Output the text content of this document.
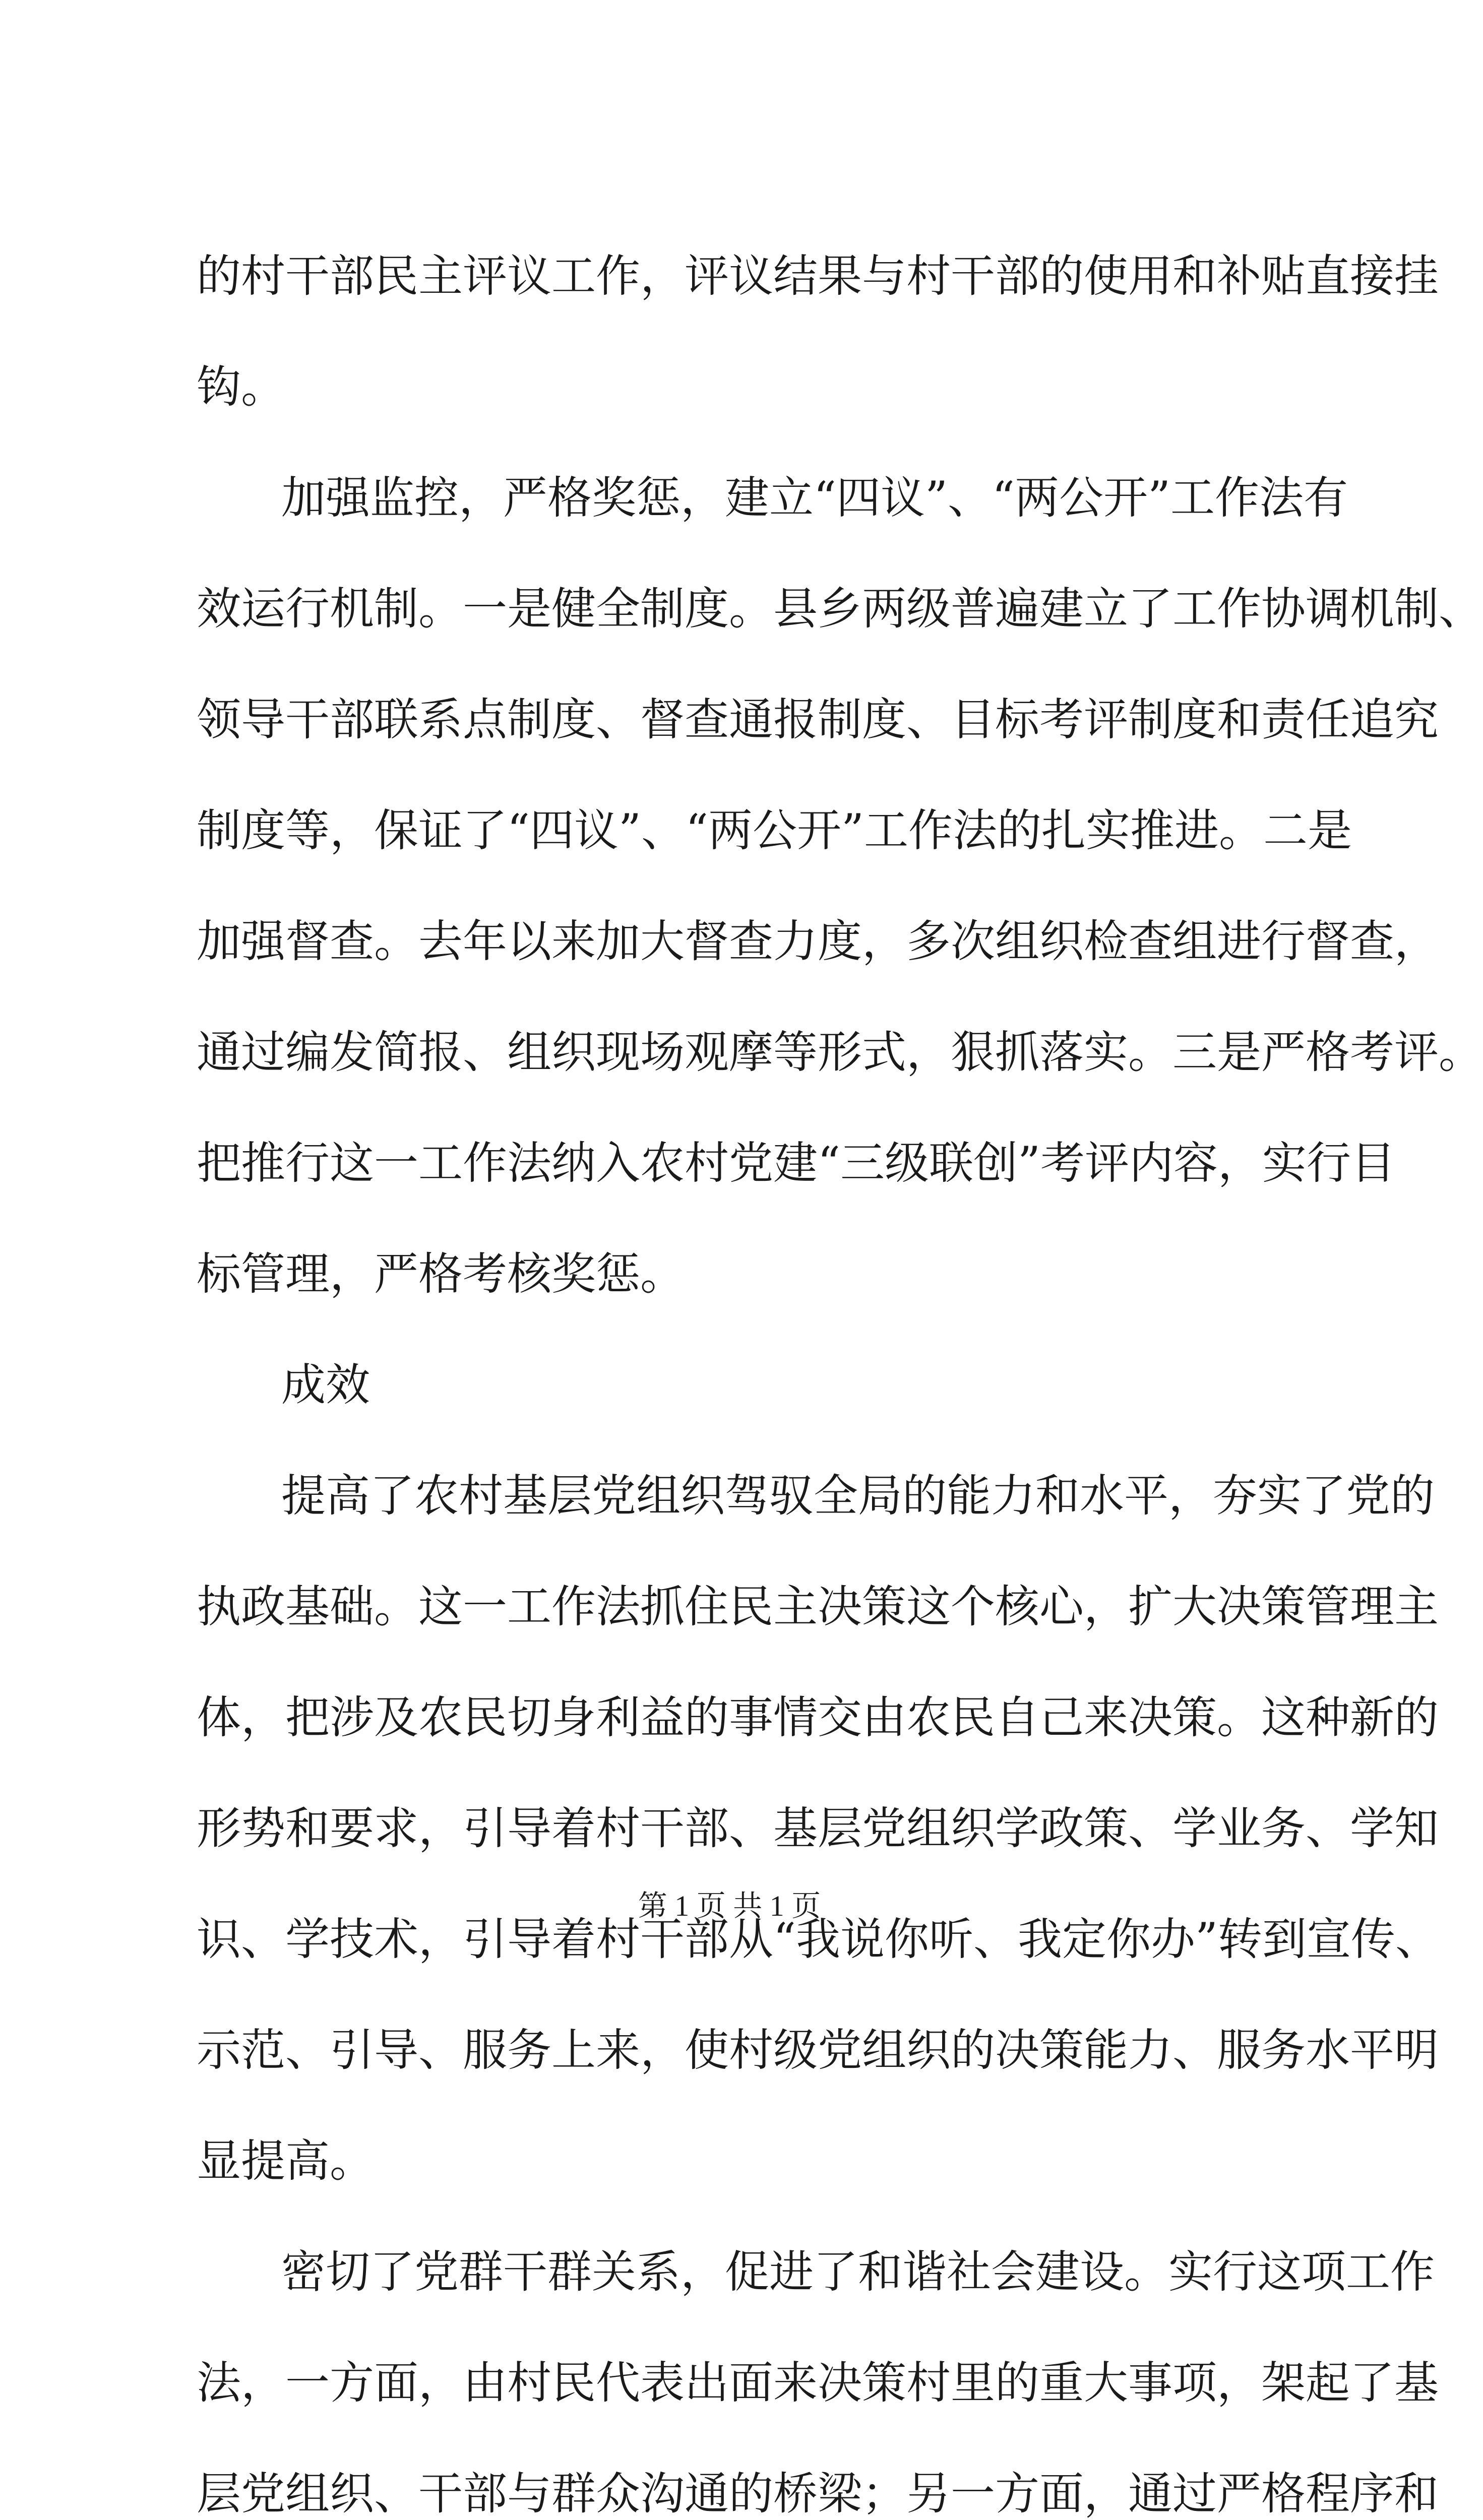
的村干部民主评议工作，评议结果与村干部的使用和补贴直接挂
钩。
加强监控，严格奖惩，建立“四议”、“两公开”工作法有
效运行机制。一是健全制度。县乡两级普遍建立了工作协调机制、
领导干部联系点制度、督查通报制度、目标考评制度和责任追究
制度等，保证了“四议”、“两公开”工作法的扎实推进。二是
加强督查。去年以来加大督查力度，多次组织检查组进行督查，
通过编发简报、组织现场观摩等形式，狠抓落实。三是严格考评。
把推行这一工作法纳入农村党建“三级联创”考评内容，实行目
标管理，严格考核奖惩。
成效
提高了农村基层党组织驾驭全局的能力和水平，夯实了党的
执政基础。这一工作法抓住民主决策这个核心，扩大决策管理主
体，把涉及农民切身利益的事情交由农民自己来决策。这种新的
形势和要求，引导着村干部、基层党组织学政策、学业务、学知
识、学技术，引导着村干部从“我说你听、我定你办”转到宣传、
示范、引导、服务上来，使村级党组织的决策能力、服务水平明
显提高。
密切了党群干群关系，促进了和谐社会建设。实行这项工作
法，一方面，由村民代表出面来决策村里的重大事项，架起了基
层党组织、干部与群众沟通的桥梁；另一方面，通过严格程序和
第 1 页 共 1 页
